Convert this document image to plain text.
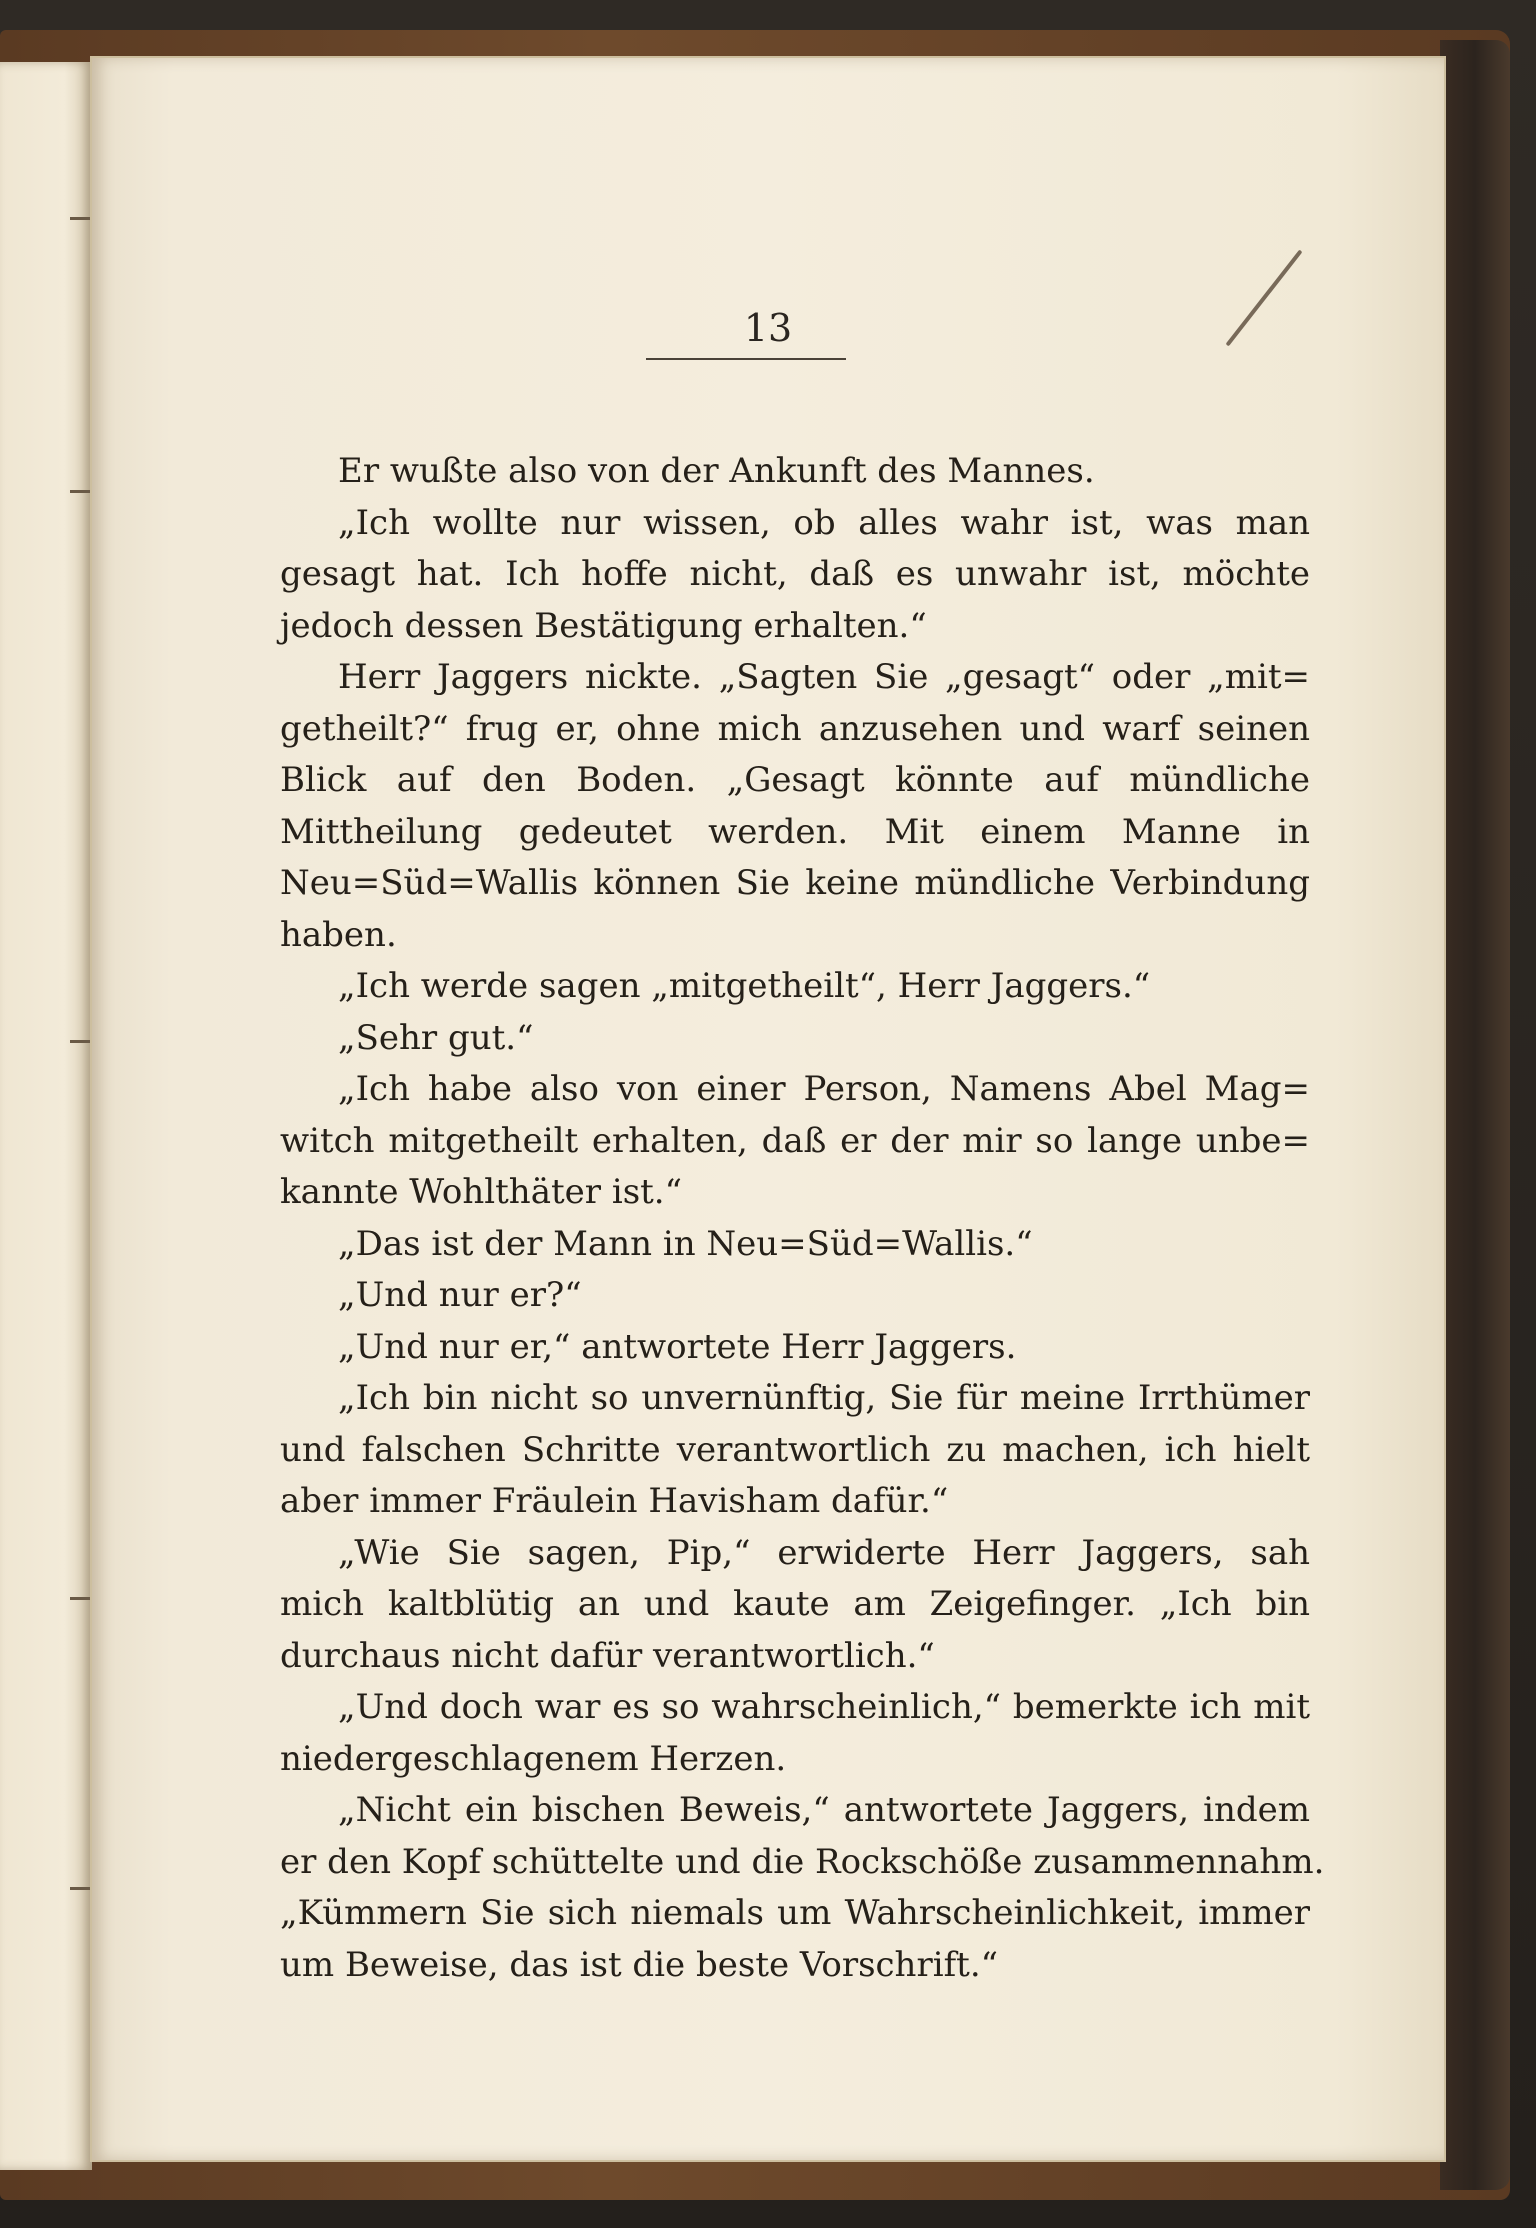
13
Er wußte also von der Ankunft des Mannes.
„Ich wollte nur wissen, ob alles wahr ist, was man
gesagt hat. Ich hoffe nicht, daß es unwahr ist, möchte
jedoch dessen Bestätigung erhalten.“
Herr Jaggers nickte. „Sagten Sie „gesagt“ oder „mit=
getheilt?“ frug er, ohne mich anzusehen und warf seinen
Blick auf den Boden. „Gesagt könnte auf mündliche
Mittheilung gedeutet werden. Mit einem Manne in
Neu=Süd=Wallis können Sie keine mündliche Verbindung
haben.
„Ich werde sagen „mitgetheilt“, Herr Jaggers.“
„Sehr gut.“
„Ich habe also von einer Person, Namens Abel Mag=
witch mitgetheilt erhalten, daß er der mir so lange unbe=
kannte Wohlthäter ist.“
„Das ist der Mann in Neu=Süd=Wallis.“
„Und nur er?“
„Und nur er,“ antwortete Herr Jaggers.
„Ich bin nicht so unvernünftig, Sie für meine Irrthümer
und falschen Schritte verantwortlich zu machen, ich hielt
aber immer Fräulein Havisham dafür.“
„Wie Sie sagen, Pip,“ erwiderte Herr Jaggers, sah
mich kaltblütig an und kaute am Zeigefinger. „Ich bin
durchaus nicht dafür verantwortlich.“
„Und doch war es so wahrscheinlich,“ bemerkte ich mit
niedergeschlagenem Herzen.
„Nicht ein bischen Beweis,“ antwortete Jaggers, indem
er den Kopf schüttelte und die Rockschöße zusammennahm.
„Kümmern Sie sich niemals um Wahrscheinlichkeit, immer
um Beweise, das ist die beste Vorschrift.“
